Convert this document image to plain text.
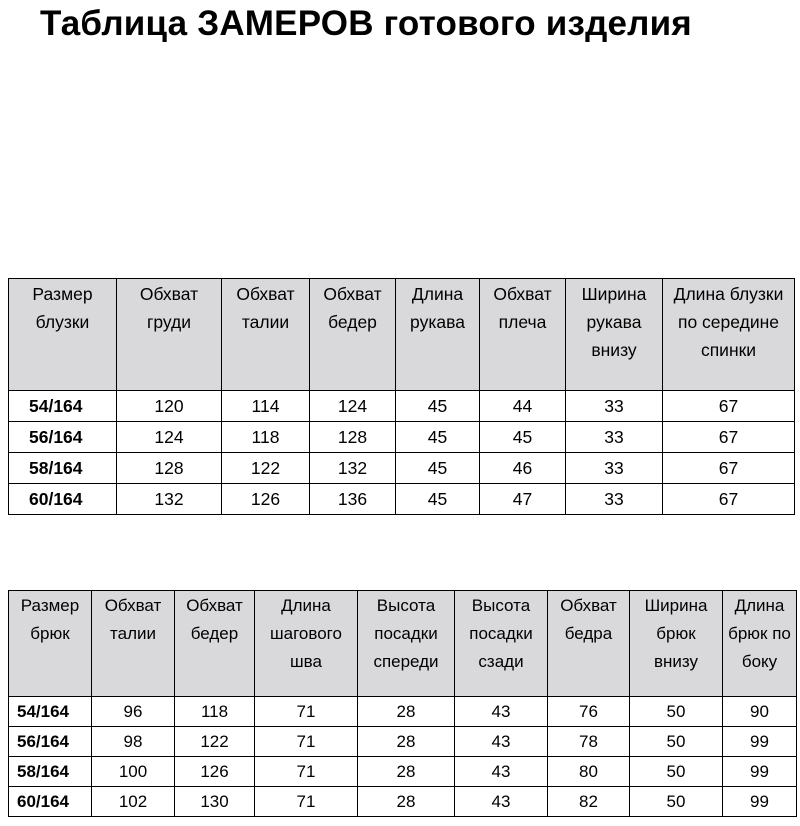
Таблица ЗАМЕРОВ готового изделия
Размер блузки	Обхват груди	Обхват талии	Обхват бедер	Длина рукава	Обхват плеча	Ширина рукава внизу	Длина блузки по середине спинки
54/164	120	114	124	45	44	33	67
56/164	124	118	128	45	45	33	67
58/164	128	122	132	45	46	33	67
60/164	132	126	136	45	47	33	67
Размер брюк	Обхват талии	Обхват бедер	Длина шагового шва	Высота посадки спереди	Высота посадки сзади	Обхват бедра	Ширина брюк внизу	Длина брюк по боку
54/164	96	118	71	28	43	76	50	90
56/164	98	122	71	28	43	78	50	99
58/164	100	126	71	28	43	80	50	99
60/164	102	130	71	28	43	82	50	99
